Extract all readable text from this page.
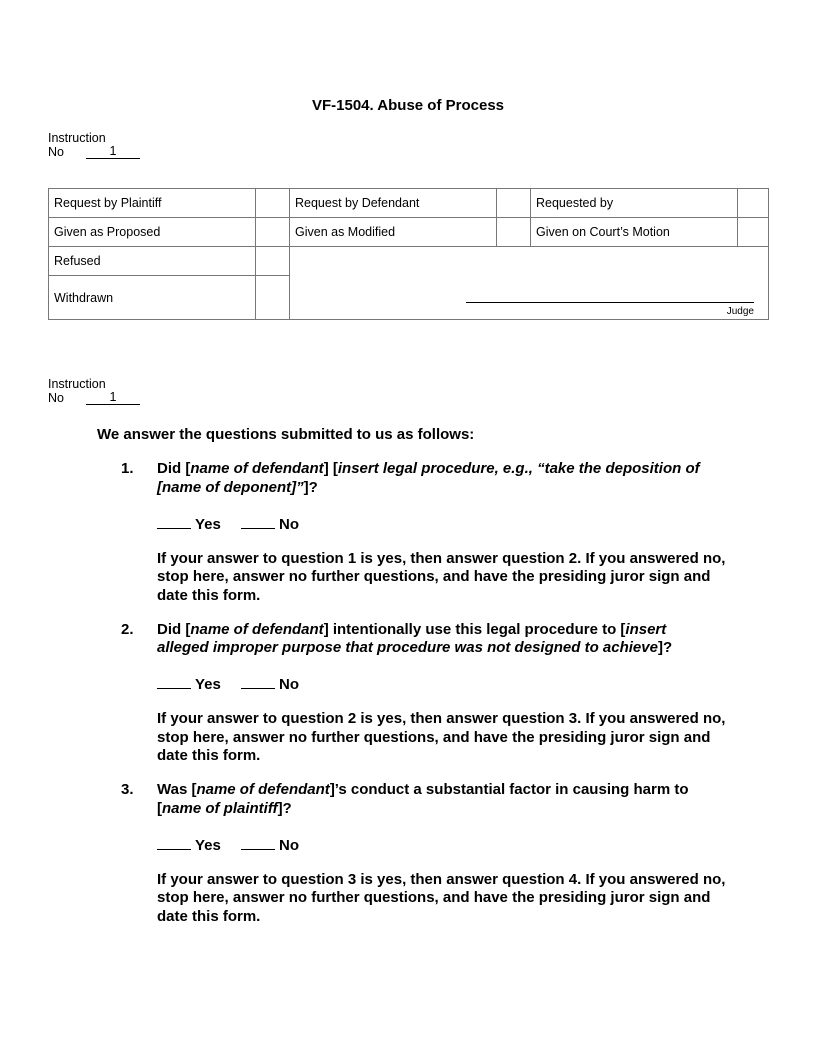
VF-1504. Abuse of Process
Instruction
No	1
Request by Plaintiff		Request by Defendant		Requested by	
Given as Proposed		Given as Modified		Given on Court’s Motion	
Refused		Judge			

Withdrawn					
Instruction
No	1

We answer the questions submitted to us as follows:

1.	Did [name of defendant] [insert legal procedure, e.g., “take the deposition of [name of deponent]”]?
Yes	No
If your answer to question 1 is yes, then answer question 2. If you answered no, stop here, answer no further questions, and have the presiding juror sign and date this form.
2.	Did [name of defendant] intentionally use this legal procedure to [insert alleged improper purpose that procedure was not designed to achieve]?
Yes	No
If your answer to question 2 is yes, then answer question 3. If you answered no, stop here, answer no further questions, and have the presiding juror sign and date this form.
3.	Was [name of defendant]’s conduct a substantial factor in causing harm to [name of plaintiff]?
Yes	No
If your answer to question 3 is yes, then answer question 4. If you answered no, stop here, answer no further questions, and have the presiding juror sign and date this form.
